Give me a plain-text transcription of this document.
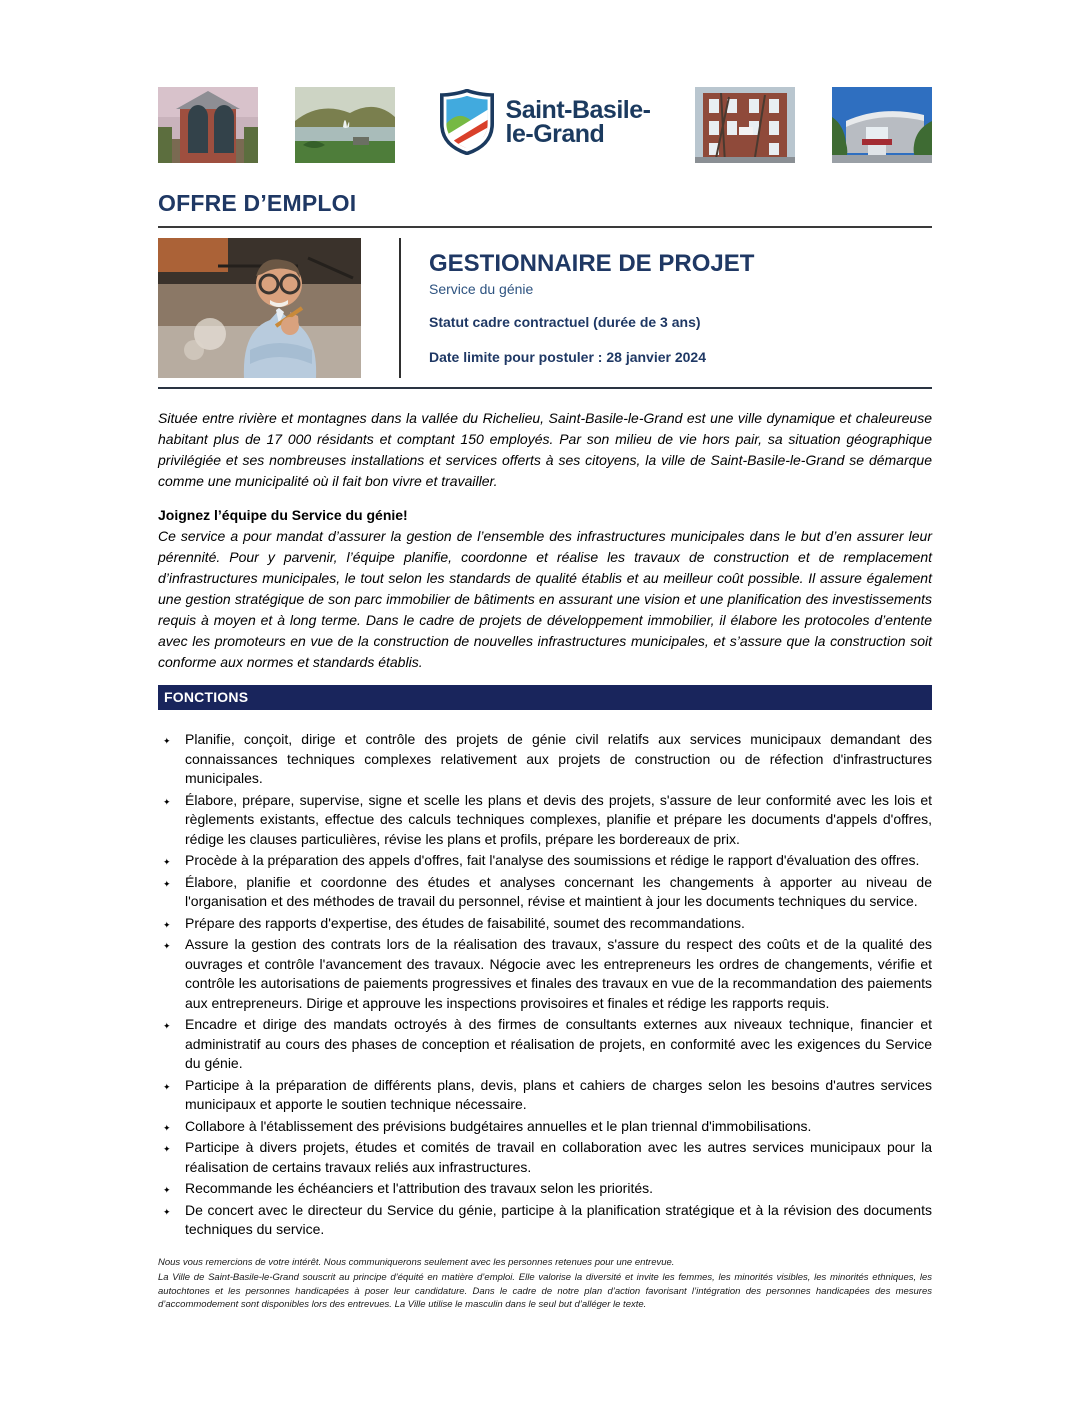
Saint-Basile-
le-Grand
OFFRE D’EMPLOI
GESTIONNAIRE DE PROJET
Service du génie
Statut cadre contractuel (durée de 3 ans)
Date limite pour postuler : 28 janvier 2024

Située entre rivière et montagnes dans la vallée du Richelieu, Saint-Basile-le-Grand est une ville dynamique et chaleureuse habitant plus de 17 000 résidants et comptant 150 employés. Par son milieu de vie hors pair, sa situation géographique privilégiée et ses nombreuses installations et services offerts à ses citoyens, la ville de Saint-Basile-le-Grand se démarque comme une municipalité où il fait bon vivre et travailler.

Joignez l’équipe du Service du génie!

Ce service a pour mandat d’assurer la gestion de l’ensemble des infrastructures municipales dans le but d’en assurer leur pérennité. Pour y parvenir, l’équipe planifie, coordonne et réalise les travaux de construction et de remplacement d’infrastructures municipales, le tout selon les standards de qualité établis et au meilleur coût possible. Il assure également une gestion stratégique de son parc immobilier de bâtiments en assurant une vision et une planification des investissements requis à moyen et à long terme. Dans le cadre de projets de développement immobilier, il élabore les protocoles d’entente avec les promoteurs en vue de la construction de nouvelles infrastructures municipales, et s’assure que la construction soit conforme aux normes et standards établis.

FONCTIONS
✦ Planifie, conçoit, dirige et contrôle des projets de génie civil relatifs aux services municipaux demandant des connaissances techniques complexes relativement aux projets de construction ou de réfection d'infrastructures municipales.
✦ Élabore, prépare, supervise, signe et scelle les plans et devis des projets, s'assure de leur conformité avec les lois et règlements existants, effectue des calculs techniques complexes, planifie et prépare les documents d'appels d'offres, rédige les clauses particulières, révise les plans et profils, prépare les bordereaux de prix.
✦ Procède à la préparation des appels d'offres, fait l'analyse des soumissions et rédige le rapport d'évaluation des offres.
✦ Élabore, planifie et coordonne des études et analyses concernant les changements à apporter au niveau de l'organisation et des méthodes de travail du personnel, révise et maintient à jour les documents techniques du service.
✦ Prépare des rapports d'expertise, des études de faisabilité, soumet des recommandations.
✦ Assure la gestion des contrats lors de la réalisation des travaux, s'assure du respect des coûts et de la qualité des ouvrages et contrôle l'avancement des travaux. Négocie avec les entrepreneurs les ordres de changements, vérifie et contrôle les autorisations de paiements progressives et finales des travaux en vue de la recommandation des paiements aux entrepreneurs. Dirige et approuve les inspections provisoires et finales et rédige les rapports requis.
✦ Encadre et dirige des mandats octroyés à des firmes de consultants externes aux niveaux technique, financier et administratif au cours des phases de conception et réalisation de projets, en conformité avec les exigences du Service du génie.
✦ Participe à la préparation de différents plans, devis, plans et cahiers de charges selon les besoins d'autres services municipaux et apporte le soutien technique nécessaire.
✦ Collabore à l'établissement des prévisions budgétaires annuelles et le plan triennal d'immobilisations.
✦ Participe à divers projets, études et comités de travail en collaboration avec les autres services municipaux pour la réalisation de certains travaux reliés aux infrastructures.
✦ Recommande les échéanciers et l'attribution des travaux selon les priorités.
✦ De concert avec le directeur du Service du génie, participe à la planification stratégique et à la révision des documents techniques du service.

Nous vous remercions de votre intérêt. Nous communiquerons seulement avec les personnes retenues pour une entrevue.

La Ville de Saint-Basile-le-Grand souscrit au principe d’équité en matière d’emploi. Elle valorise la diversité et invite les femmes, les minorités visibles, les minorités ethniques, les autochtones et les personnes handicapées à poser leur candidature. Dans le cadre de notre plan d’action favorisant l’intégration des personnes handicapées des mesures d’accommodement sont disponibles lors des entrevues. La Ville utilise le masculin dans le seul but d’alléger le texte.
